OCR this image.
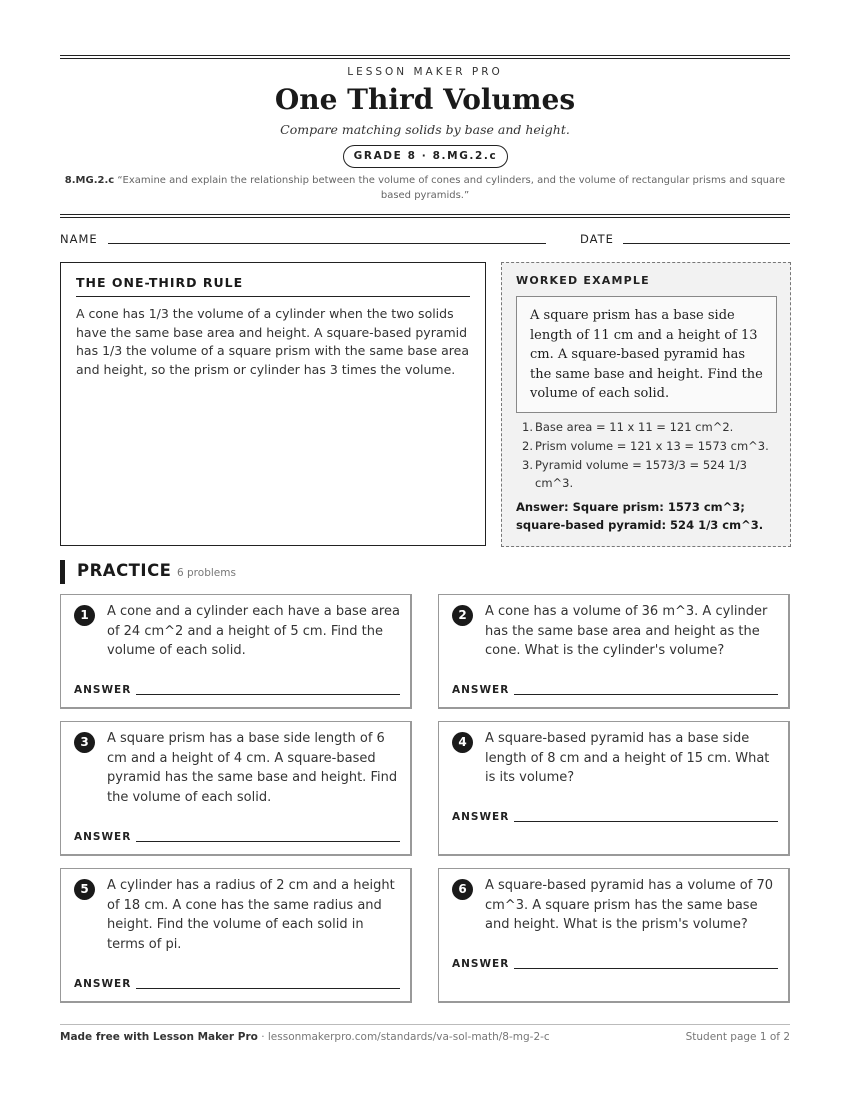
LESSON MAKER PRO
One Third Volumes
Compare matching solids by base and height.
GRADE 8 · 8.MG.2.c
8.MG.2.c “Examine and explain the relationship between the volume of cones and cylinders, and the volume of rectangular prisms and square based pyramids.”
NAME	DATE
THE ONE-THIRD RULE
A cone has 1/3 the volume of a cylinder when the two solids have the same base area and height. A square-based pyramid has 1/3 the volume of a square prism with the same base area and height, so the prism or cylinder has 3 times the volume.
WORKED EXAMPLE
A square prism has a base side length of 11 cm and a height of 13 cm. A square-based pyramid has the same base and height. Find the volume of each solid.
1. Base area = 11 x 11 = 121 cm^2.
2. Prism volume = 121 x 13 = 1573 cm^3.
3. Pyramid volume = 1573/3 = 524 1/3 cm^3.
Answer: Square prism: 1573 cm^3; square-based pyramid: 524 1/3 cm^3.
PRACTICE 6 problems
1	A cone and a cylinder each have a base area of 24 cm^2 and a height of 5 cm. Find the volume of each solid.
ANSWER
2	A cone has a volume of 36 m^3. A cylinder has the same base area and height as the cone. What is the cylinder's volume?
ANSWER
3	A square prism has a base side length of 6 cm and a height of 4 cm. A square-based pyramid has the same base and height. Find the volume of each solid.
ANSWER
4	A square-based pyramid has a base side length of 8 cm and a height of 15 cm. What is its volume?
ANSWER
5	A cylinder has a radius of 2 cm and a height of 18 cm. A cone has the same radius and height. Find the volume of each solid in terms of pi.
ANSWER
6	A square-based pyramid has a volume of 70 cm^3. A square prism has the same base and height. What is the prism's volume?
ANSWER
Made free with Lesson Maker Pro · lessonmakerpro.com/standards/va-sol-math/8-mg-2-c	Student page 1 of 2
